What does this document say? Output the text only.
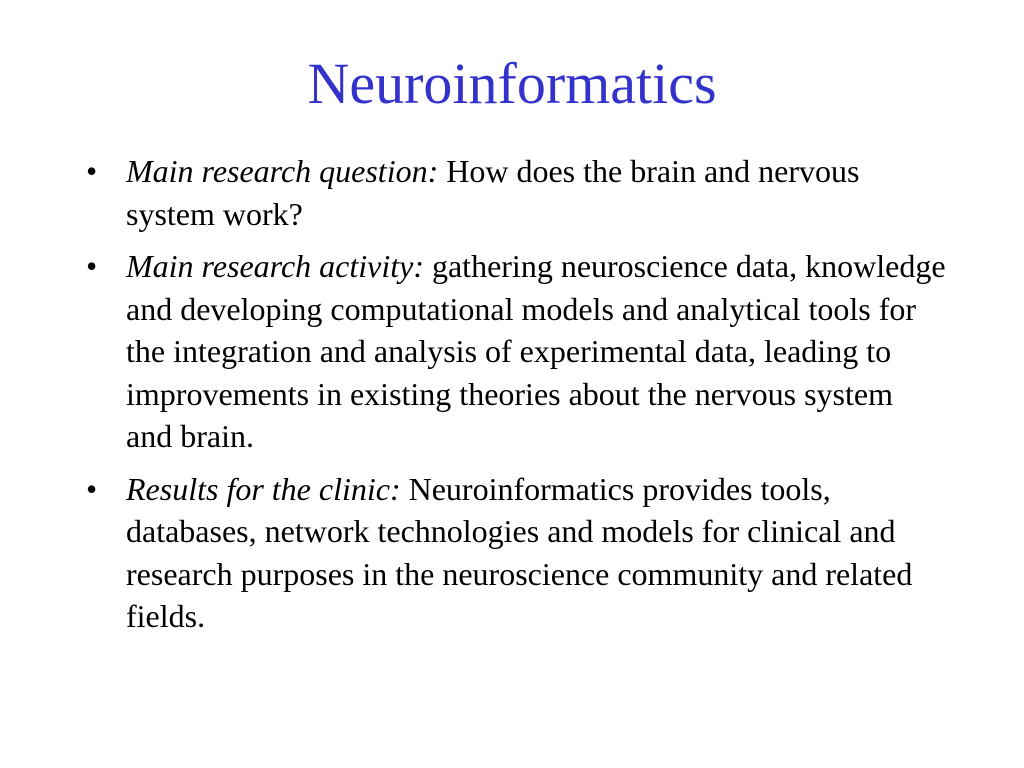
Neuroinformatics
• Main research question: How does the brain and nervous system work?
• Main research activity: gathering neuroscience data, knowledge and developing computational models and analytical tools for the integration and analysis of experimental data, leading to improvements in existing theories about the nervous system and brain.
• Results for the clinic: Neuroinformatics provides tools, databases, network technologies and models for clinical and research purposes in the neuroscience community and related fields.
